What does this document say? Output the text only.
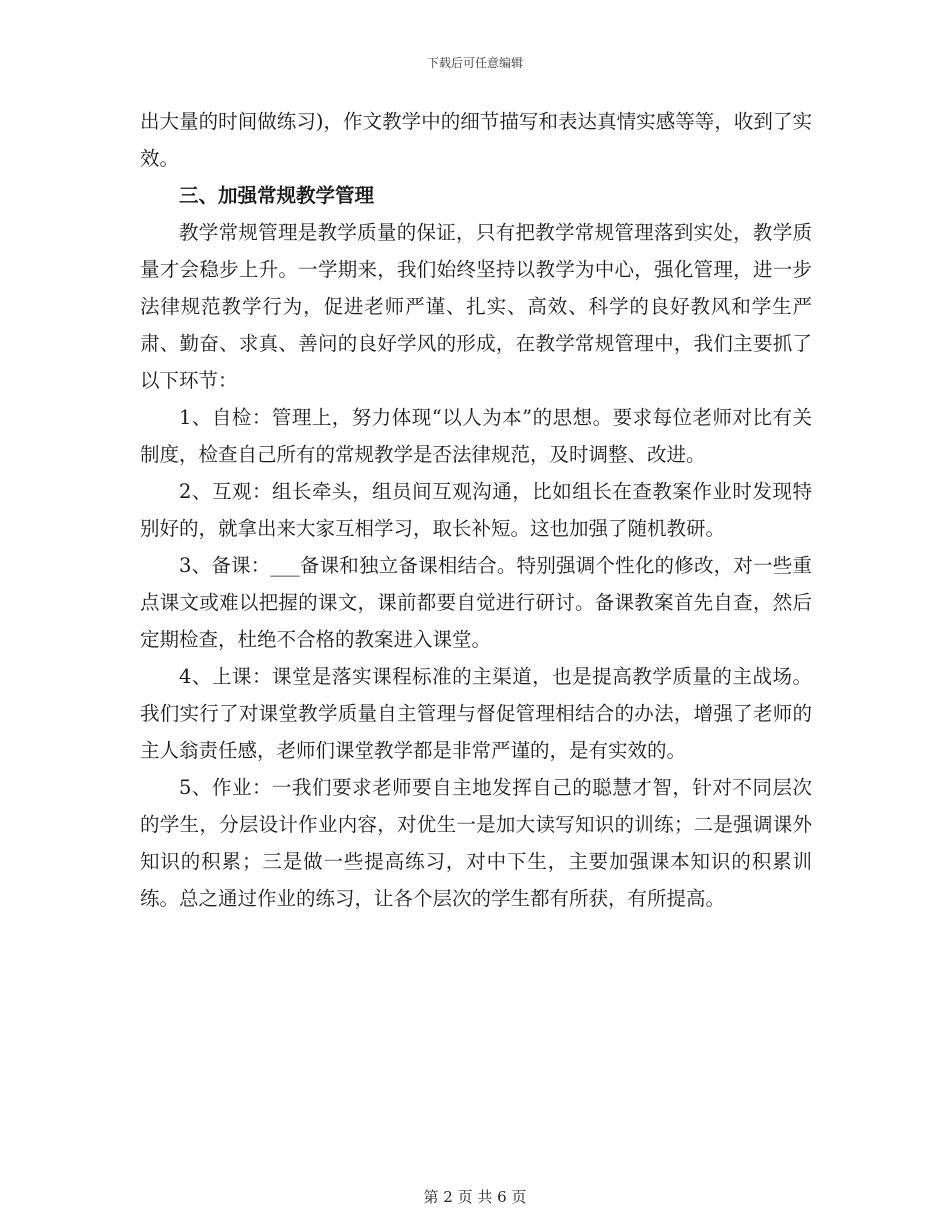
下载后可任意编辑

出大量的时间做练习)，作文教学中的细节描写和表达真情实感等等，收到了实效。

三、加强常规教学管理

教学常规管理是教学质量的保证，只有把教学常规管理落到实处，教学质量才会稳步上升。一学期来，我们始终坚持以教学为中心，强化管理，进一步法律规范教学行为，促进老师严谨、扎实、高效、科学的良好教风和学生严肃、勤奋、求真、善问的良好学风的形成，在教学常规管理中，我们主要抓了以下环节：

1、自检：管理上，努力体现“以人为本”的思想。要求每位老师对比有关制度，检查自己所有的常规教学是否法律规范，及时调整、改进。

2、互观：组长牵头，组员间互观沟通，比如组长在查教案作业时发现特别好的，就拿出来大家互相学习，取长补短。这也加强了随机教研。

3、备课：___备课和独立备课相结合。特别强调个性化的修改，对一些重点课文或难以把握的课文，课前都要自觉进行研讨。备课教案首先自查，然后定期检查，杜绝不合格的教案进入课堂。

4、上课：课堂是落实课程标准的主渠道，也是提高教学质量的主战场。我们实行了对课堂教学质量自主管理与督促管理相结合的办法，增强了老师的主人翁责任感，老师们课堂教学都是非常严谨的，是有实效的。

5、作业：一我们要求老师要自主地发挥自己的聪慧才智，针对不同层次的学生，分层设计作业内容，对优生一是加大读写知识的训练；二是强调课外知识的积累；三是做一些提高练习，对中下生，主要加强课本知识的积累训练。总之通过作业的练习，让各个层次的学生都有所获，有所提高。

第 2 页 共 6 页
